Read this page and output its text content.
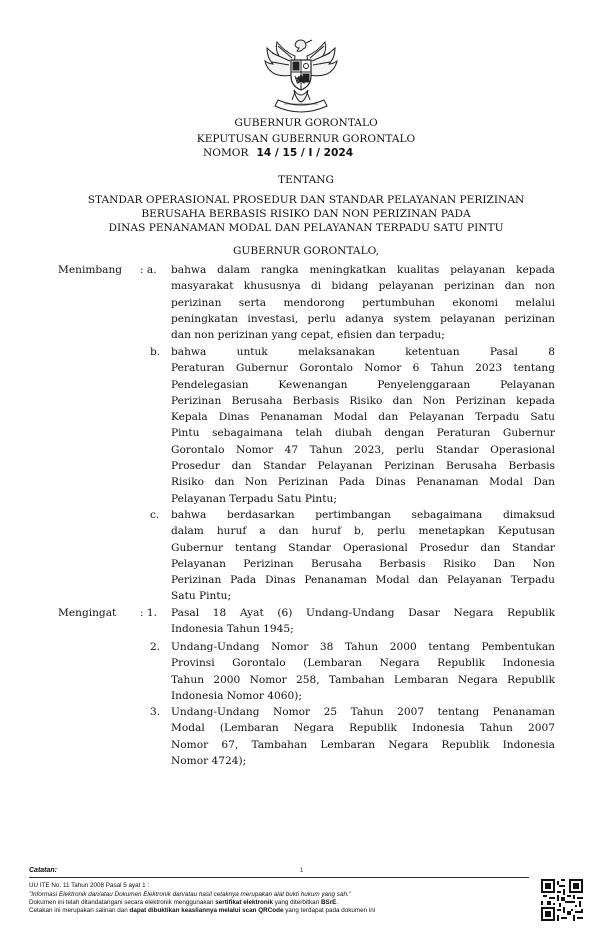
GUBERNUR GORONTALO
KEPUTUSAN GUBERNUR GORONTALO
NOMOR 14 / 15 / I / 2024
TENTANG
STANDAR OPERASIONAL PROSEDUR DAN STANDAR PELAYANAN PERIZINAN
BERUSAHA BERBASIS RISIKO DAN NON PERIZINAN PADA
DINAS PENANAMAN MODAL DAN PELAYANAN TERPADU SATU PINTU
GUBERNUR GORONTALO,
Menimbang : a. bahwa dalam rangka meningkatkan kualitas pelayanan kepada
masyarakat khususnya di bidang pelayanan perizinan dan non
perizinan serta mendorong pertumbuhan ekonomi melalui
peningkatan investasi, perlu adanya system pelayanan perizinan
dan non perizinan yang cepat, efisien dan terpadu;
b. bahwa untuk melaksanakan ketentuan Pasal 8
Peraturan Gubernur Gorontalo Nomor 6 Tahun 2023 tentang
Pendelegasian Kewenangan Penyelenggaraan Pelayanan
Perizinan Berusaha Berbasis Risiko dan Non Perizinan kepada
Kepala Dinas Penanaman Modal dan Pelayanan Terpadu Satu
Pintu sebagaimana telah diubah dengan Peraturan Gubernur
Gorontalo Nomor 47 Tahun 2023, perlu Standar Operasional
Prosedur dan Standar Pelayanan Perizinan Berusaha Berbasis
Risiko dan Non Perizinan Pada Dinas Penanaman Modal Dan
Pelayanan Terpadu Satu Pintu;
c. bahwa berdasarkan pertimbangan sebagaimana dimaksud
dalam huruf a dan huruf b, perlu menetapkan Keputusan
Gubernur tentang Standar Operasional Prosedur dan Standar
Pelayanan Perizinan Berusaha Berbasis Risiko Dan Non
Perizinan Pada Dinas Penanaman Modal dan Pelayanan Terpadu
Satu Pintu;
Mengingat : 1. Pasal 18 Ayat (6) Undang-Undang Dasar Negara Republik
Indonesia Tahun 1945;
2. Undang-Undang Nomor 38 Tahun 2000 tentang Pembentukan
Provinsi Gorontalo (Lembaran Negara Republik Indonesia
Tahun 2000 Nomor 258, Tambahan Lembaran Negara Republik
Indonesia Nomor 4060);
3. Undang-Undang Nomor 25 Tahun 2007 tentang Penanaman
Modal (Lembaran Negara Republik Indonesia Tahun 2007
Nomor 67, Tambahan Lembaran Negara Republik Indonesia
Nomor 4724);
1
Catatan:
UU ITE No. 11 Tahun 2008 Pasal 5 ayat 1 :
"Informasi Elektronik dan/atau Dokumen Elektronik dan/atau hasil cetaknya merupakan alat bukti hukum yang sah."
Dokumen ini telah ditandatangani secara elektronik menggunakan sertifikat elektronik yang diterbitkan BSrE.
Cetakan ini merupakan salinan dan dapat dibuktikan keasliannya melalui scan QRCode yang terdapat pada dokumen ini
